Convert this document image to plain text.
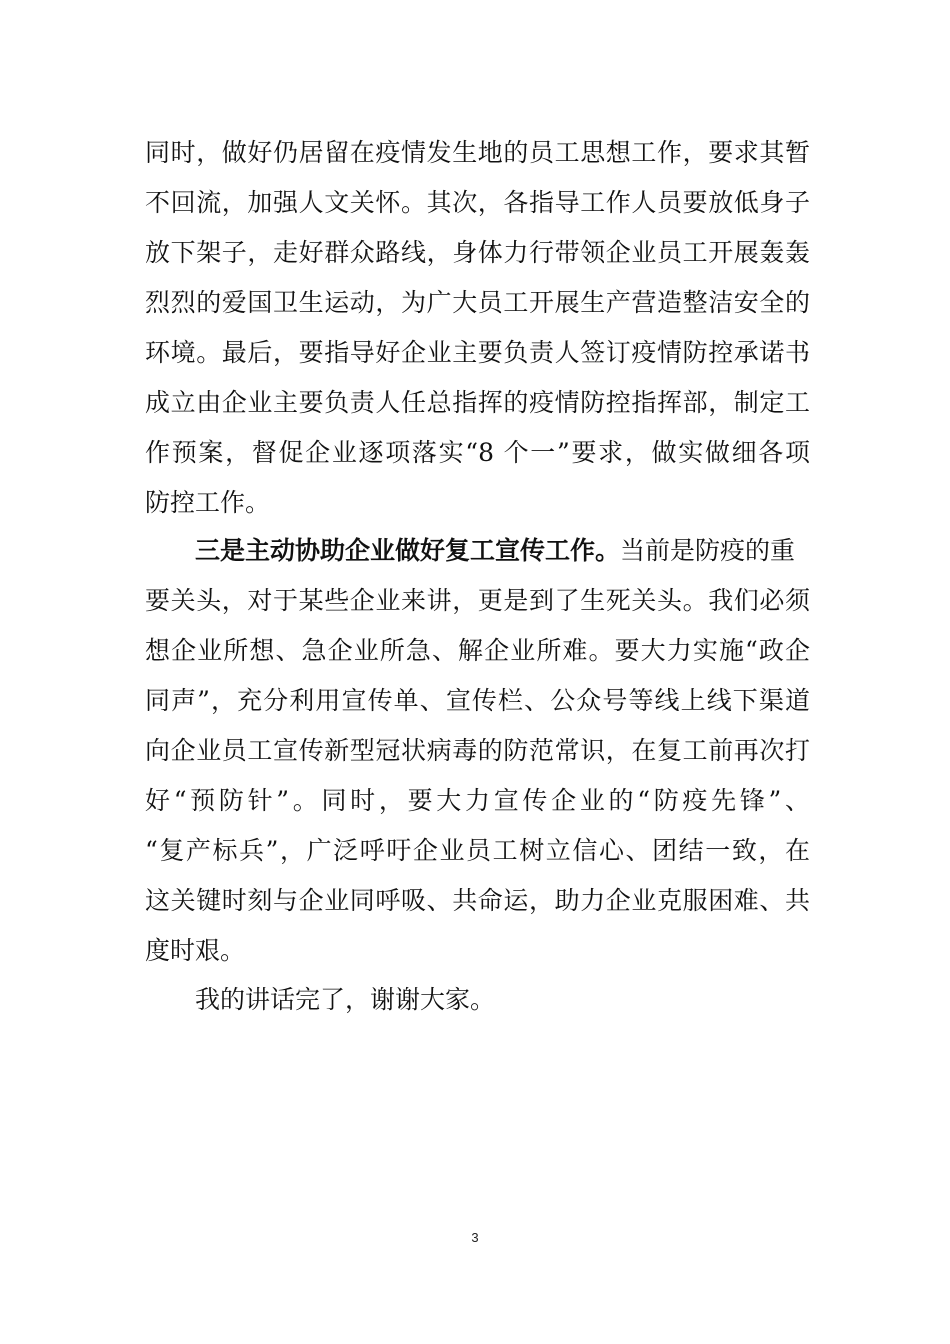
同时，做好仍居留在疫情发生地的员工思想工作，要求其暂
不回流，加强人文关怀。其次，各指导工作人员要放低身子
放下架子，走好群众路线，身体力行带领企业员工开展轰轰
烈烈的爱国卫生运动，为广大员工开展生产营造整洁安全的
环境。最后，要指导好企业主要负责人签订疫情防控承诺书
成立由企业主要负责人任总指挥的疫情防控指挥部，制定工
作预案，督促企业逐项落实“8 个一”要求，做实做细各项
防控工作。
三是主动协助企业做好复工宣传工作。当前是防疫的重
要关头，对于某些企业来讲，更是到了生死关头。我们必须
想企业所想、急企业所急、解企业所难。要大力实施“政企
同声”，充分利用宣传单、宣传栏、公众号等线上线下渠道
向企业员工宣传新型冠状病毒的防范常识，在复工前再次打
好“预防针”。同时，要大力宣传企业的“防疫先锋”、
“复产标兵”，广泛呼吁企业员工树立信心、团结一致，在
这关键时刻与企业同呼吸、共命运，助力企业克服困难、共
度时艰。
我的讲话完了，谢谢大家。
3
